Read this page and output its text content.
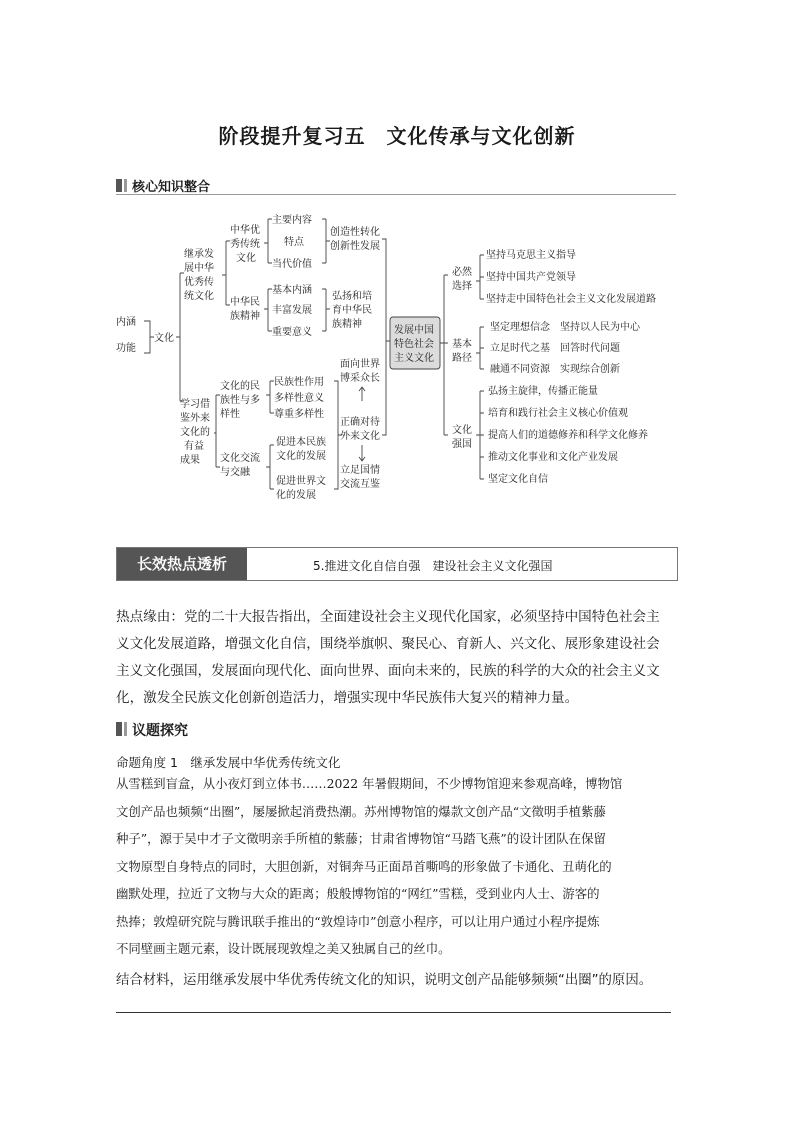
阶段提升复习五　文化传承与文化创新
核心知识整合
内涵
功能
文化
继承发
展中华
优秀传
统文化
中华优
秀传统
文化
主要内容
特点
当代价值
创造性转化
创新性发展
中华民
族精神
基本内涵
丰富发展
重要意义
弘扬和培
育中华民
族精神
学习借
鉴外来
文化的
有益
成果
文化的民
族性与多
样性
民族性作用
多样性意义
尊重多样性
文化交流
与交融
促进本民族
文化的发展
促进世界文
化的发展
面向世界
博采众长
正确对待
外来文化
立足国情
交流互鉴
发展中国
特色社会
主义文化
必然
选择
坚持马克思主义指导
坚持中国共产党领导
坚持走中国特色社会主义文化发展道路
基本
路径
坚定理想信念　坚持以人民为中心
立足时代之基　回答时代问题
融通不同资源　实现综合创新
文化
强国
弘扬主旋律，传播正能量
培育和践行社会主义核心价值观
提高人们的道德修养和科学文化修养
推动文化事业和文化产业发展
坚定文化自信
长效热点透析	5.推进文化自信自强　建设社会主义文化强国
热点缘由：党的二十大报告指出，全面建设社会主义现代化国家，必须坚持中国特色社会主
义文化发展道路，增强文化自信，围绕举旗帜、聚民心、育新人、兴文化、展形象建设社会
主义文化强国，发展面向现代化、面向世界、面向未来的，民族的科学的大众的社会主义文
化，激发全民族文化创新创造活力，增强实现中华民族伟大复兴的精神力量。
议题探究
命题角度 1　继承发展中华优秀传统文化
从雪糕到盲盒，从小夜灯到立体书……2022 年暑假期间，不少博物馆迎来参观高峰，博物馆
文创产品也频频“出圈”，屡屡掀起消费热潮。苏州博物馆的爆款文创产品“文徵明手植紫藤
种子”，源于吴中才子文徵明亲手所植的紫藤；甘肃省博物馆“马踏飞燕”的设计团队在保留
文物原型自身特点的同时，大胆创新，对铜奔马正面昂首嘶鸣的形象做了卡通化、丑萌化的
幽默处理，拉近了文物与大众的距离；般般博物馆的“网红”雪糕，受到业内人士、游客的
热捧；敦煌研究院与腾讯联手推出的“敦煌诗巾”创意小程序，可以让用户通过小程序提炼
不同壁画主题元素，设计既展现敦煌之美又独属自己的丝巾。
结合材料，运用继承发展中华优秀传统文化的知识，说明文创产品能够频频“出圈”的原因。
